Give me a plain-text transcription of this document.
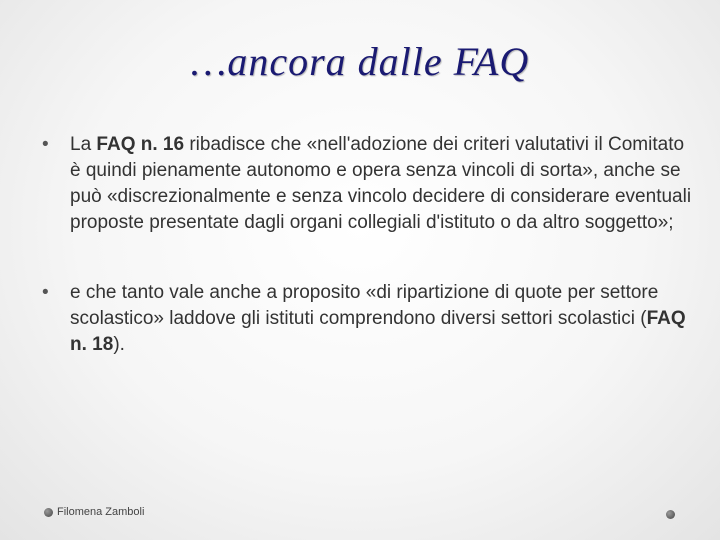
…ancora dalle FAQ
• La FAQ n. 16 ribadisce che «nell'adozione dei criteri valutativi il Comitato è quindi pienamente autonomo e opera senza vincoli di sorta», anche se può «discrezionalmente e senza vincolo decidere di considerare eventuali proposte presentate dagli organi collegiali d'istituto o da altro soggetto»;
• e che tanto vale anche a proposito «di ripartizione di quote per settore scolastico» laddove gli istituti comprendono diversi settori scolastici (FAQ n. 18).
Filomena Zamboli
